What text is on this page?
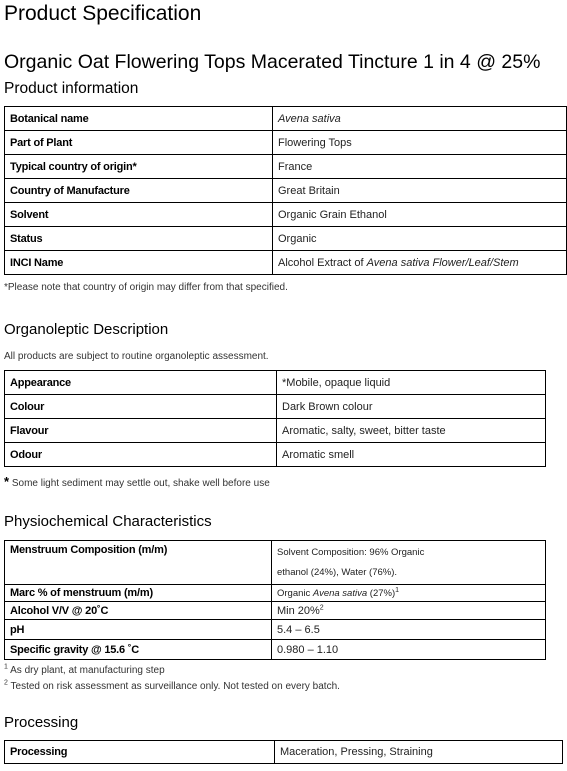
Product Specification
Organic Oat Flowering Tops Macerated Tincture 1 in 4 @ 25%
Product information
Botanical name	Avena sativa
Part of Plant	Flowering Tops
Typical country of origin*	France
Country of Manufacture	Great Britain
Solvent	Organic Grain Ethanol
Status	Organic
INCI Name	Alcohol Extract of Avena sativa Flower/Leaf/Stem
*Please note that country of origin may differ from that specified.
Organoleptic Description
All products are subject to routine organoleptic assessment.
Appearance	*Mobile, opaque liquid
Colour	Dark Brown colour
Flavour	Aromatic, salty, sweet, bitter taste
Odour	Aromatic smell
* Some light sediment may settle out, shake well before use
Physiochemical Characteristics
Menstruum Composition (m/m)	Solvent Composition: 96% Organic
ethanol (24%), Water (76%).

Marc % of menstruum (m/m)	Organic Avena sativa $(27\%)^1$
Alcohol V/V @ 20˚C	Min 20%$^2$
pH	5.4 – 6.5
Specific gravity @ 15.6 ˚C	0.980 – 1.10
$^1$ As dry plant, at manufacturing step
$^2$ Tested on risk assessment as surveillance only. Not tested on every batch.
Processing
Processing	Maceration, Pressing, Straining
